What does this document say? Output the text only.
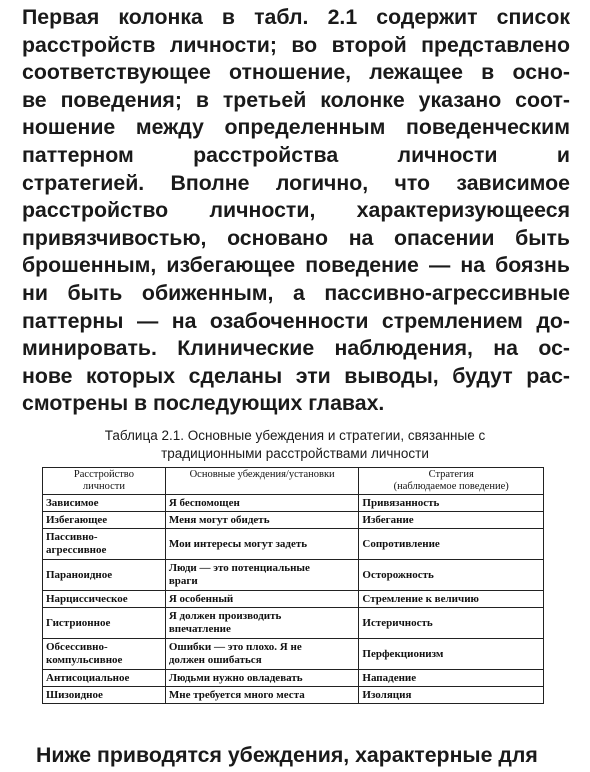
Первая колонка в табл. 2.1 содержит список
расстройств личности; во второй представлено
соответствующее отношение, лежащее в осно-
ве поведения; в третьей колонке указано соот-
ношение между определенным поведенческим
паттерном расстройства личности и
стратегией. Вполне логично, что зависимое
расстройство личности, характеризующееся
привязчивостью, основано на опасении быть
брошенным, избегающее поведение — на боязнь
ни быть обиженным, а пассивно-агрессивные
паттерны — на озабоченности стремлением до-
минировать. Клинические наблюдения, на ос-
нове которых сделаны эти выводы, будут рас-
смотрены в последующих главах.
Таблица 2.1. Основные убеждения и стратегии, связанные с
традиционными расстройствами личности
Расстройство
личности	Основные убеждения/установки	Стратегия
(наблюдаемое поведение)
Зависимое	Я беспомощен	Привязанность
Избегающее	Меня могут обидеть	Избегание
Пассивно-
агрессивное	Мои интересы могут задеть	Сопротивление
Параноидное	Люди — это потенциальные
враги	Осторожность
Нарциссическое	Я особенный	Стремление к величию
Гистрионное	Я должен производить
впечатление	Истеричность
Обсессивно-
компульсивное	Ошибки — это плохо. Я не
должен ошибаться	Перфекционизм
Антисоциальное	Людьми нужно овладевать	Нападение
Шизоидное	Мне требуется много места	Изоляция
Ниже приводятся убеждения, характерные для
